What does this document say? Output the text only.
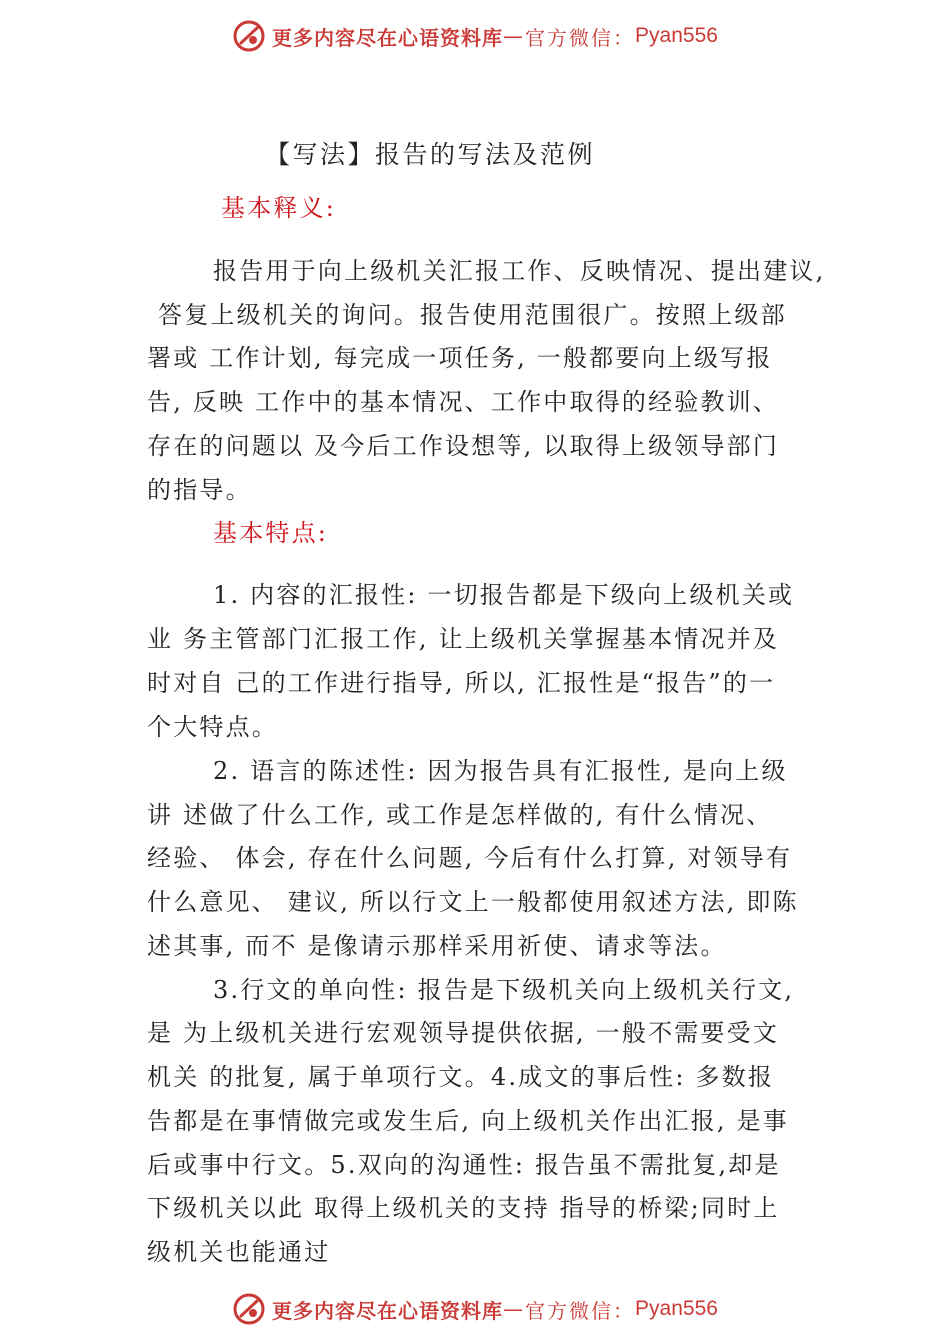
更多内容尽在心语资料库 — 官方微信： Pyan556
【写法】报告的写法及范例
基本释义:
报告用于向上级机关汇报工作、反映情况、提出建议,
答复上级机关的询问。报告使用范围很广。按照上级部
署或 工作计划, 每完成一项任务, 一般都要向上级写报
告, 反映 工作中的基本情况、工作中取得的经验教训、
存在的问题以 及今后工作设想等, 以取得上级领导部门
的指导。
基本特点:
1. 内容的汇报性: 一切报告都是下级向上级机关或
业 务主管部门汇报工作, 让上级机关掌握基本情况并及
时对自 己的工作进行指导, 所以, 汇报性是“报告”的一
个大特点。
2. 语言的陈述性: 因为报告具有汇报性, 是向上级
讲 述做了什么工作, 或工作是怎样做的, 有什么情况、
经验、 体会, 存在什么问题, 今后有什么打算, 对领导有
什么意见、 建议, 所以行文上一般都使用叙述方法, 即陈
述其事, 而不 是像请示那样采用祈使、请求等法。
3.行文的单向性: 报告是下级机关向上级机关行文,
是 为上级机关进行宏观领导提供依据, 一般不需要受文
机关 的批复, 属于单项行文。4.成文的事后性: 多数报
告都是在事情做完或发生后, 向上级机关作出汇报, 是事
后或事中行文。5.双向的沟通性: 报告虽不需批复,却是
下级机关以此 取得上级机关的支持 指导的桥梁;同时上
级机关也能通过
更多内容尽在心语资料库 — 官方微信： Pyan556
